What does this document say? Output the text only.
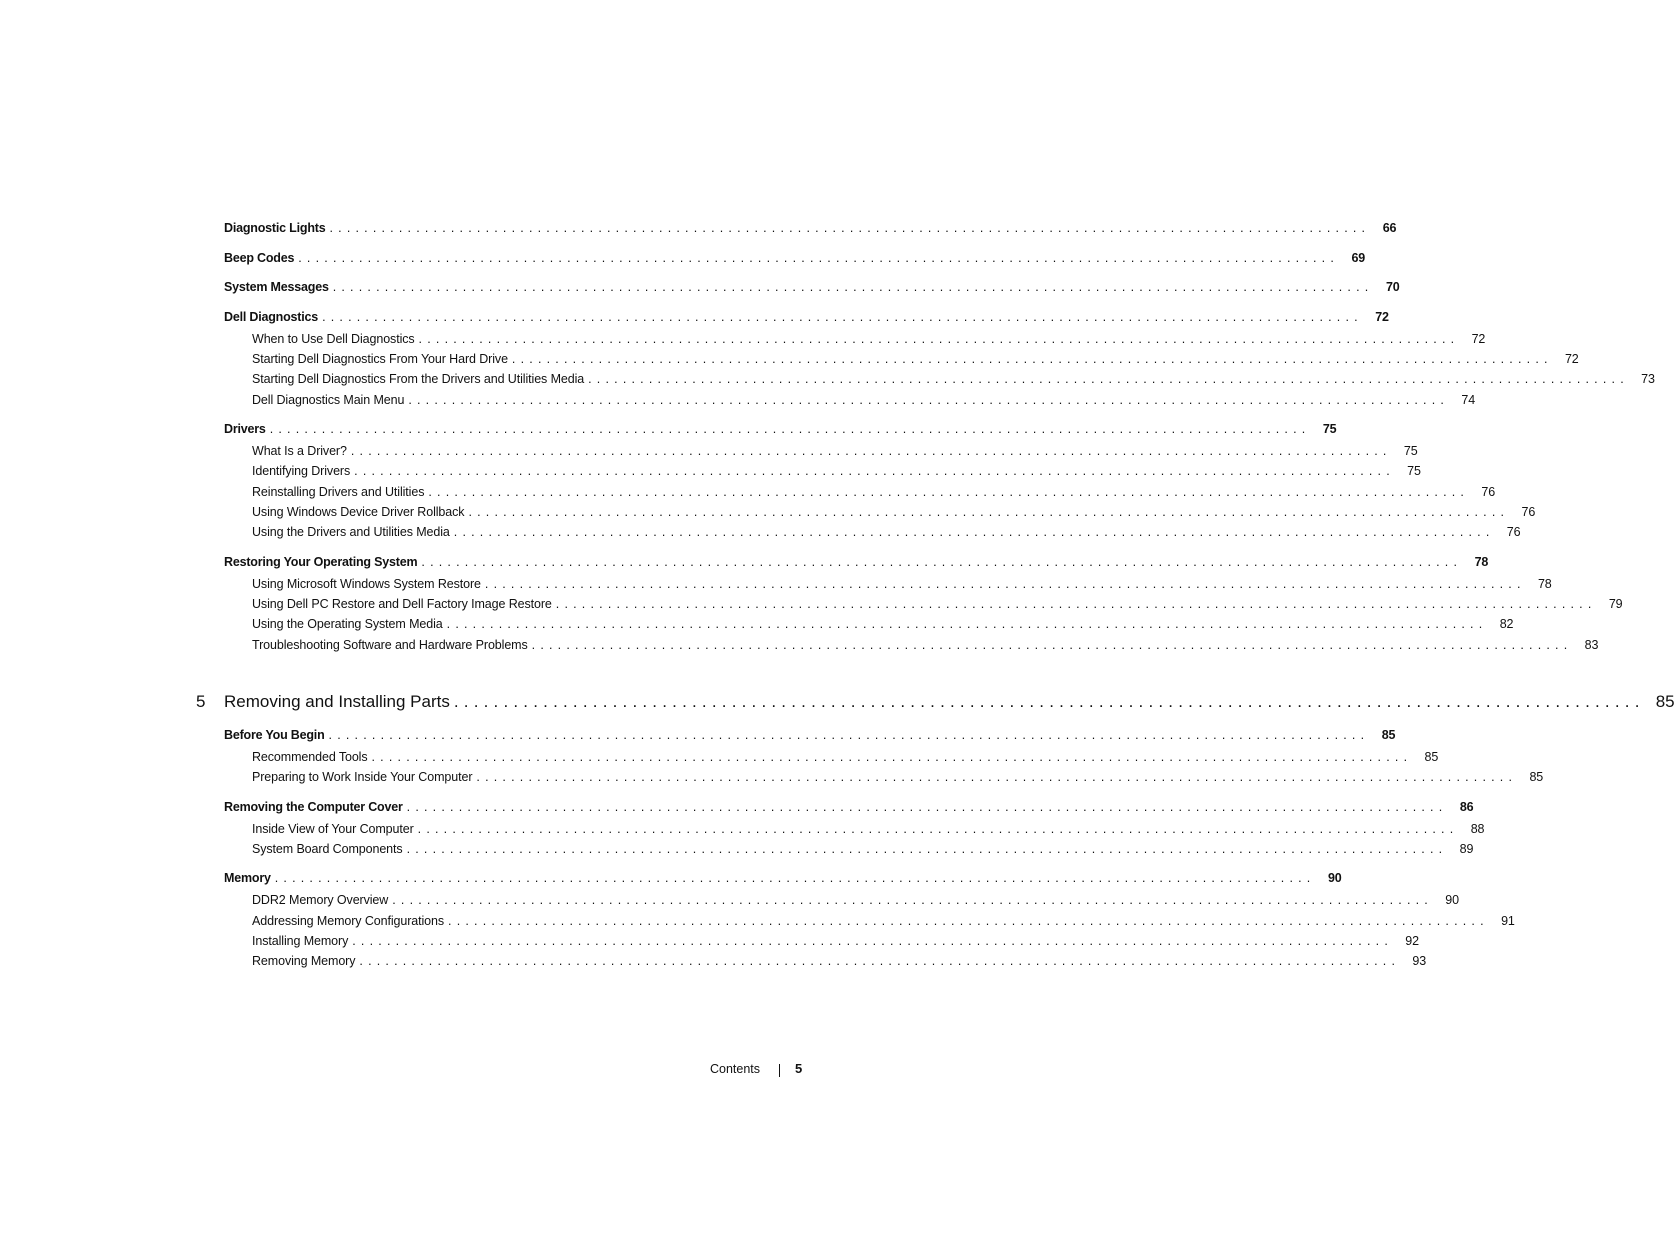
Diagnostic Lights ........................................................................................................................ 66
Beep Codes ........................................................................................................................ 69
System Messages ........................................................................................................................ 70
Dell Diagnostics ........................................................................................................................ 72
When to Use Dell Diagnostics ........................................................................................................................ 72
Starting Dell Diagnostics From Your Hard Drive ........................................................................................................................ 72
Starting Dell Diagnostics From the Drivers and Utilities Media ........................................................................................................................ 73
Dell Diagnostics Main Menu ........................................................................................................................ 74
Drivers ........................................................................................................................ 75
What Is a Driver? ........................................................................................................................ 75
Identifying Drivers ........................................................................................................................ 75
Reinstalling Drivers and Utilities ........................................................................................................................ 76
Using Windows Device Driver Rollback ........................................................................................................................ 76
Using the Drivers and Utilities Media ........................................................................................................................ 76
Restoring Your Operating System ........................................................................................................................ 78
Using Microsoft Windows System Restore ........................................................................................................................ 78
Using Dell PC Restore and Dell Factory Image Restore ........................................................................................................................ 79
Using the Operating System Media ........................................................................................................................ 82
Troubleshooting Software and Hardware Problems ........................................................................................................................ 83
5	Removing and Installing Parts ........................................................................................................................ 85
Before You Begin ........................................................................................................................ 85
Recommended Tools ........................................................................................................................ 85
Preparing to Work Inside Your Computer ........................................................................................................................ 85
Removing the Computer Cover ........................................................................................................................ 86
Inside View of Your Computer ........................................................................................................................ 88
System Board Components ........................................................................................................................ 89
Memory ........................................................................................................................ 90
DDR2 Memory Overview ........................................................................................................................ 90
Addressing Memory Configurations ........................................................................................................................ 91
Installing Memory ........................................................................................................................ 92
Removing Memory ........................................................................................................................ 93
Contents	5
